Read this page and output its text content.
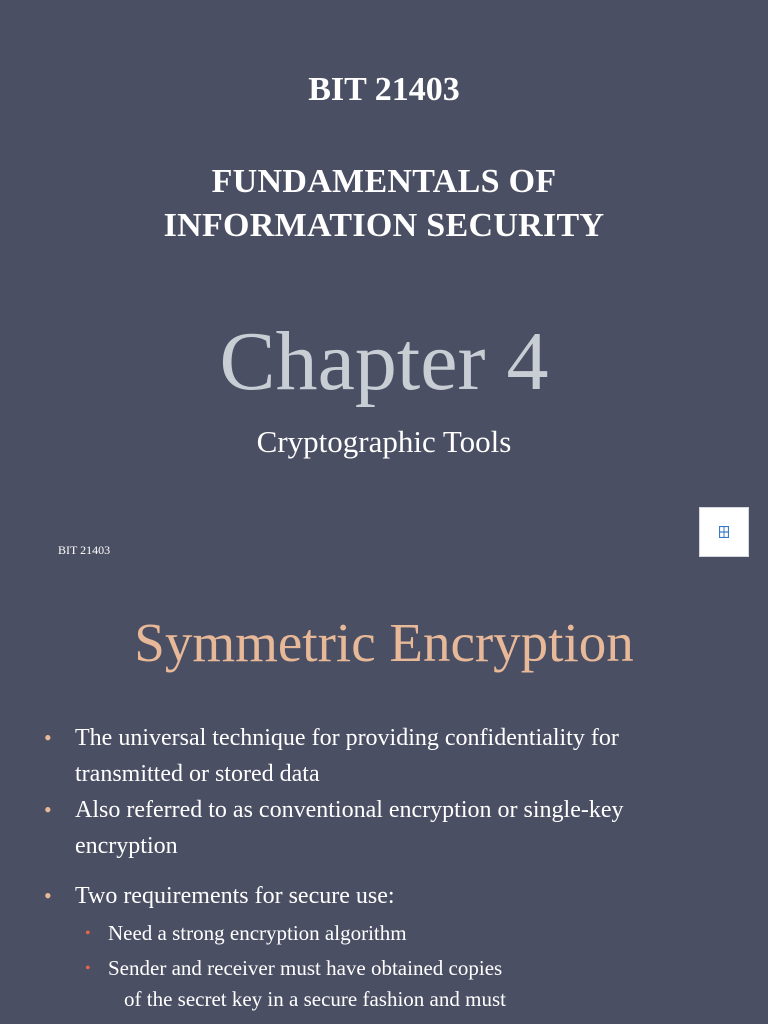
BIT 21403
FUNDAMENTALS OF
INFORMATION SECURITY
Chapter 4
Cryptographic Tools
BIT 21403
Symmetric Encryption
• The universal technique for providing confidentiality for transmitted or stored data
• Also referred to as conventional encryption or single-key encryption
• Two requirements for secure use:
• Need a strong encryption algorithm
• Sender and receiver must have obtained copies
of the secret key in a secure fashion and must
